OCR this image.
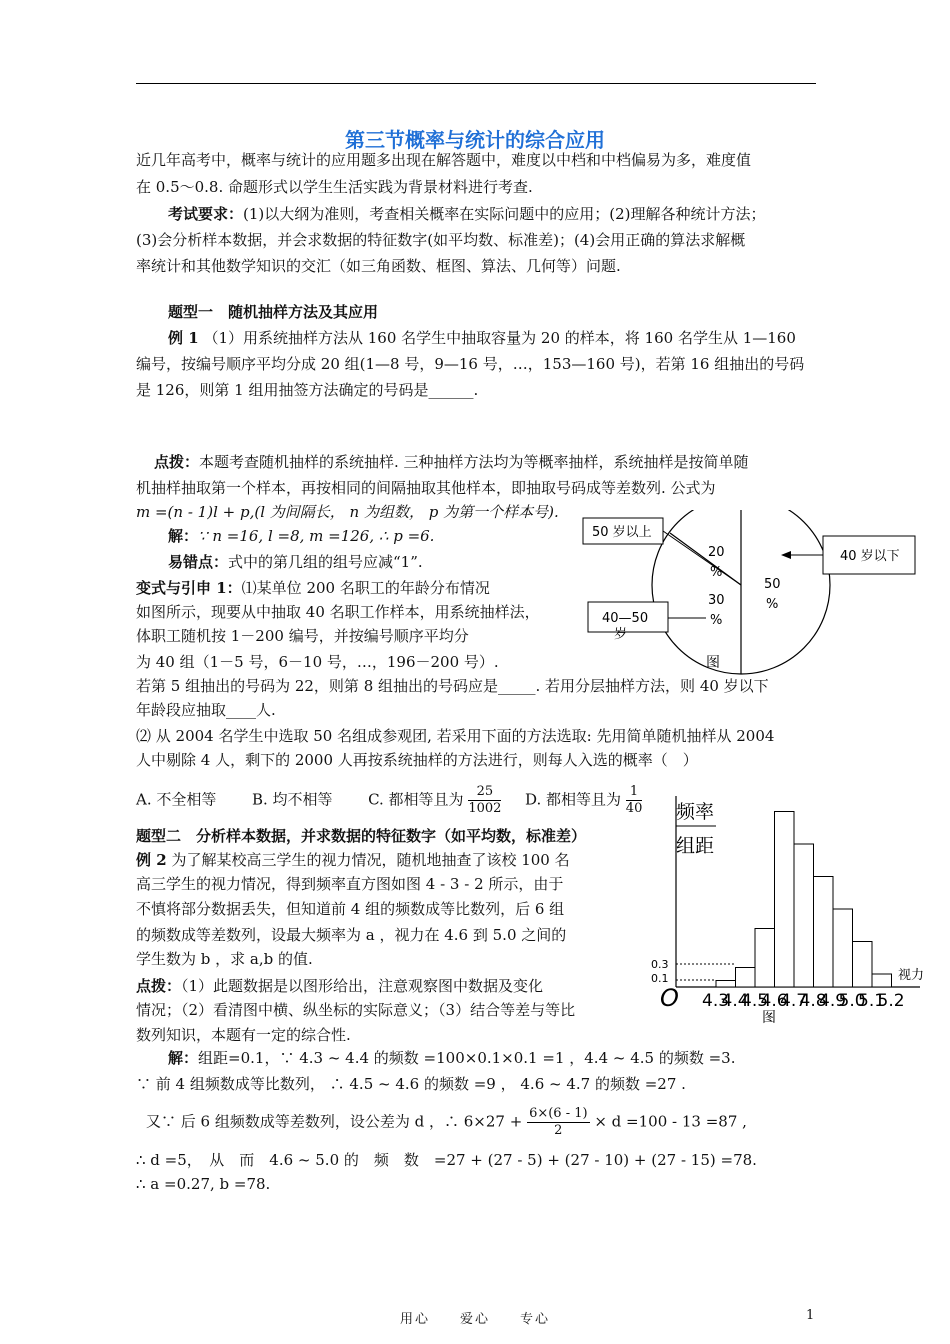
第三节概率与统计的综合应用
近几年高考中，概率与统计的应用题多出现在解答题中，难度以中档和中档偏易为多，难度值
在 0.5～0.8. 命题形式以学生生活实践为背景材料进行考查.
考试要求：(1)以大纲为准则，考查相关概率在实际问题中的应用；(2)理解各种统计方法；
(3)会分析样本数据，并会求数据的特征数字(如平均数、标准差)；(4)会用正确的算法求解概
率统计和其他数学知识的交汇（如三角函数、框图、算法、几何等）问题.
题型一　随机抽样方法及其应用
例 1 （1）用系统抽样方法从 160 名学生中抽取容量为 20 的样本，将 160 名学生从 1—160
编号，按编号顺序平均分成 20 组(1—8 号，9—16 号，…，153—160 号)，若第 16 组抽出的号码
是 126，则第 1 组用抽签方法确定的号码是______.
点拨：本题考查随机抽样的系统抽样. 三种抽样方法均为等概率抽样，系统抽样是按简单随
机抽样抽取第一个样本，再按相同的间隔抽取其他样本，即抽取号码成等差数列. 公式为
m =(n - 1)l + p,(l 为间隔长， n 为组数， p 为第一个样本号).
解：∵ n =16, l =8, m =126, ∴ p =6.
易错点：式中的第几组的组号应减“1”.
变式与引申 1：⑴某单位 200 名职工的年龄分布情况
如图所示，现要从中抽取 40 名职工作样本，用系统抽样法，
体职工随机按 1－200 编号，并按编号顺序平均分
为 40 组（1－5 号，6－10 号，…，196－200 号）.
若第 5 组抽出的号码为 22，则第 8 组抽出的号码应是_____. 若用分层抽样方法，则 40 岁以下
年龄段应抽取____人.
⑵ 从 2004 名学生中选取 50 名组成参观团, 若采用下面的方法选取: 先用简单随机抽样从 2004
人中剔除 4 人，剩下的 2000 人再按系统抽样的方法进行，则每人入选的概率（　）
A. 不全相等 B. 均不相等 C. 都相等且为 $\frac{25}{1002} D$. 都相等且为 $\frac{1}{40}$
题型二　分析样本数据，并求数据的特征数字（如平均数，标准差）
例 2 为了解某校高三学生的视力情况，随机地抽查了该校 100 名
高三学生的视力情况，得到频率直方图如图 4 - 3 - 2 所示，由于
不慎将部分数据丢失，但知道前 4 组的频数成等比数列，后 6 组
的频数成等差数列，设最大频率为 a ，视力在 4.6 到 5.0 之间的
学生数为 b ，求 a,b 的值.
点拨：（1）此题数据是以图形给出，注意观察图中数据及变化
情况；（2）看清图中横、纵坐标的实际意义；（3）结合等差与等比
数列知识，本题有一定的综合性.
解：组距=0.1，∵ 4.3 ~ 4.4 的频数 =100×0.1×0.1 =1 ，4.4 ~ 4.5 的频数 =3.
∵ 前 4 组频数成等比数列， ∴ 4.5 ~ 4.6 的频数 =9 ， 4.6 ~ 4.7 的频数 =27 .
又∵ 后 6 组频数成等差数列，设公差为 d ，∴ $6\times 27 + \frac{6\times(6 - 1)}{2} \times d =100 - 13 =87$ ,
∴ d =5，　从　而　4.6 ~ 5.0 的　频　数　=27 + (27 - 5) + (27 - 10) + (27 - 15) =78.
∴ a =0.27, b =78.
50 岁以上
40 岁以下
40—50
岁
20
%
30
%
50
%
图
频率
组距
0.3
0.1	视力
O 4.3
4.4
4.5
4.6
4.7
4.8
4.9
5.0
5.1
5.2
图
用心　　爱心　　专心	1
